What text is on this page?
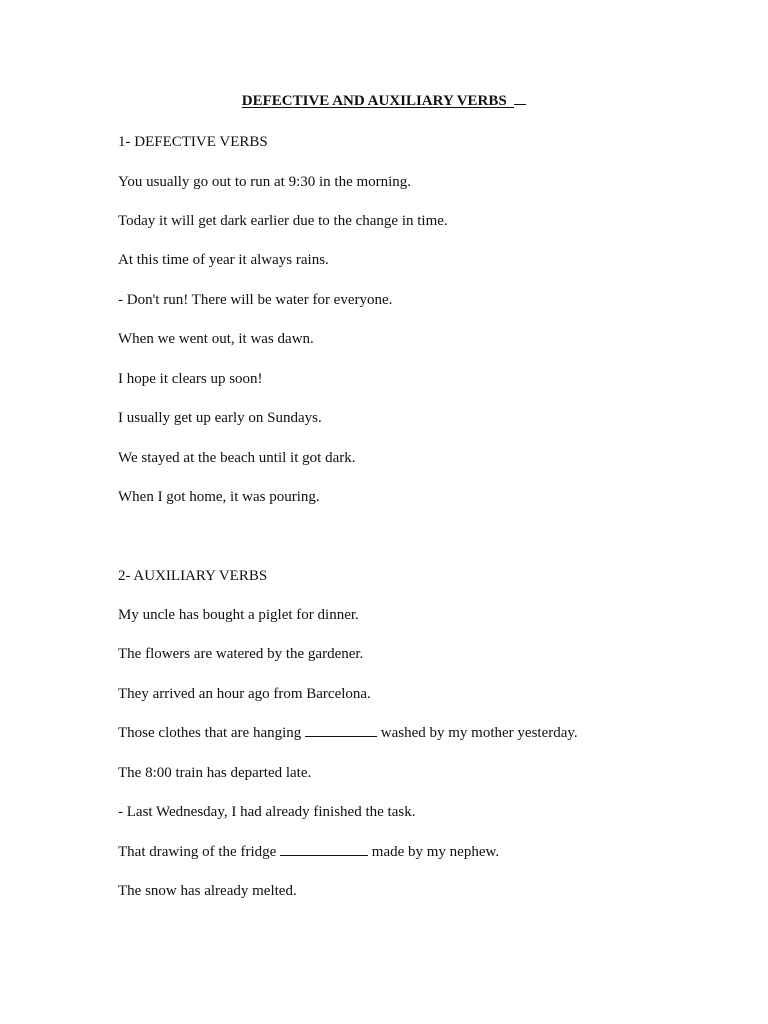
DEFECTIVE AND AUXILIARY VERBS
1- DEFECTIVE VERBS
You usually go out to run at 9:30 in the morning.
Today it will get dark earlier due to the change in time.
At this time of year it always rains.
- Don't run! There will be water for everyone.
When we went out, it was dawn.
I hope it clears up soon!
I usually get up early on Sundays.
We stayed at the beach until it got dark.
When I got home, it was pouring.
2- AUXILIARY VERBS
My uncle has bought a piglet for dinner.
The flowers are watered by the gardener.
They arrived an hour ago from Barcelona.
Those clothes that are hanging	washed by my mother yesterday.
The 8:00 train has departed late.
- Last Wednesday, I had already finished the task.
That drawing of the fridge	made by my nephew.
The snow has already melted.
